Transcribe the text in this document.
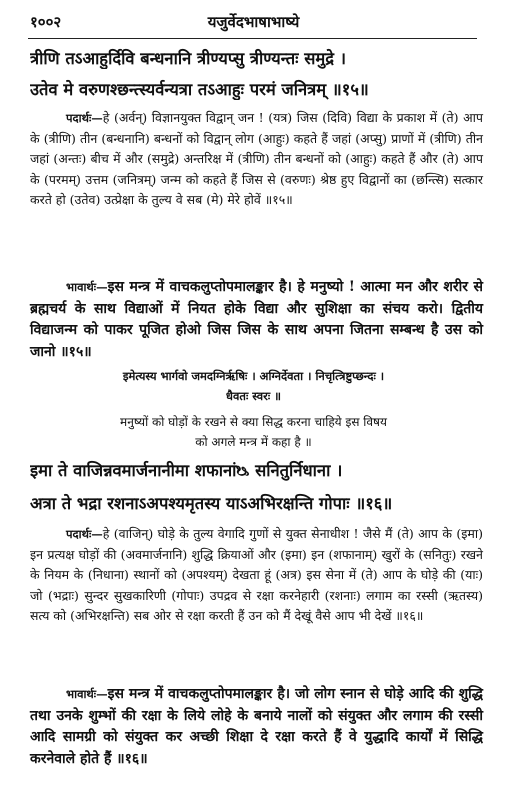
१००२	यजुर्वेदभाषाभाष्ये
त्रीणि तऽआहुर्दिवि बन्धनानि त्रीण्यप्सु त्रीण्यन्तः समुद्रे ।
उतेव मे वरुणश्छन्त्स्यर्वन्यत्रा तऽआहुः परमं जनित्रम् ॥१५॥
पदार्थः—हे (अर्वन्) विज्ञानयुक्त विद्वान् जन ! (यत्र) जिस (दिवि) विद्या के प्रकाश में (ते) आप के (त्रीणि) तीन (बन्धनानि) बन्धनों को विद्वान् लोग (आहुः) कहते हैं जहां (अप्सु) प्राणों में (त्रीणि) तीन जहां (अन्तः) बीच में और (समुद्रे) अन्तरिक्ष में (त्रीणि) तीन बन्धनों को (आहुः) कहते हैं और (ते) आप के (परमम्) उत्तम (जनित्रम्) जन्म को कहते हैं जिस से (वरुणः) श्रेष्ठ हुए विद्वानों का (छन्त्सि) सत्कार करते हो (उतेव) उत्प्रेक्षा के तुल्य वे सब (मे) मेरे होवें ॥१५॥
भावार्थः—इस मन्त्र में वाचकलुप्तोपमालङ्कार है। हे मनुष्यो ! आत्मा मन और शरीर से ब्रह्मचर्य के साथ विद्याओं में नियत होके विद्या और सुशिक्षा का संचय करो। द्वितीय विद्याजन्म को पाकर पूजित होओ जिस जिस के साथ अपना जितना सम्बन्ध है उस को जानो ॥१५॥
इमेत्यस्य भार्गवो जमदग्निर्ऋषिः । अग्निर्देवता । निचृत्त्रिष्टुप्छन्दः ।
धैवतः स्वरः ॥
मनुष्यों को घोड़ों के रखने से क्या सिद्ध करना चाहिये इस विषय
को अगले मन्त्र में कहा है ॥
इमा ते वाजिन्नवमार्जनानीमा शफानांᳬ सनितुर्निधाना ।
अत्रा ते भद्रा रशनाऽअपश्यमृतस्य याऽअभिरक्षन्ति गोपाः ॥१६॥
पदार्थः—हे (वाजिन्) घोड़े के तुल्य वेगादि गुणों से युक्त सेनाधीश ! जैसे मैं (ते) आप के (इमा) इन प्रत्यक्ष घोड़ों की (अवमार्जनानि) शुद्धि क्रियाओं और (इमा) इन (शफानाम्) खुरों के (सनितुः) रखने के नियम के (निधाना) स्थानों को (अपश्यम्) देखता हूं (अत्र) इस सेना में (ते) आप के घोड़े की (याः) जो (भद्राः) सुन्दर सुखकारिणी (गोपाः) उपद्रव से रक्षा करनेहारी (रशनाः) लगाम का रस्सी (ऋतस्य) सत्य को (अभिरक्षन्ति) सब ओर से रक्षा करती हैं उन को मैं देखूं वैसे आप भी देखें ॥१६॥
भावार्थः—इस मन्त्र में वाचकलुप्तोपमालङ्कार है। जो लोग स्नान से घोड़े आदि की शुद्धि तथा उनके शुम्भों की रक्षा के लिये लोहे के बनाये नालों को संयुक्त और लगाम की रस्सी आदि सामग्री को संयुक्त कर अच्छी शिक्षा दे रक्षा करते हैं वे युद्धादि कार्यों में सिद्धि करनेवाले होते हैं ॥१६॥
